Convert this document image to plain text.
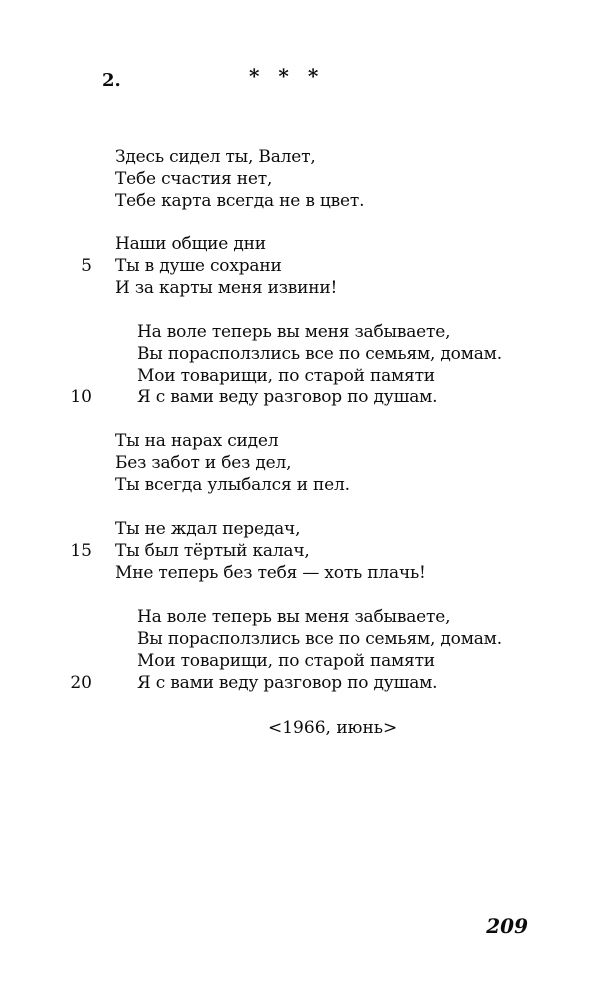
2.	* * *
Здесь сидел ты, Валет,
Тебе счастия нет,
Тебе карта всегда не в цвет.
Наши общие дни
Ты в душе сохрани
И за карты меня извини!
На воле теперь вы меня забываете,
Вы порасползлись все по семьям, домам.
Мои товарищи, по старой памяти
Я с вами веду разговор по душам.
Ты на нарах сидел
Без забот и без дел,
Ты всегда улыбался и пел.
Ты не ждал передач,
Ты был тёртый калач,
Мне теперь без тебя — хоть плачь!
На воле теперь вы меня забываете,
Вы порасползлись все по семьям, домам.
Мои товарищи, по старой памяти
Я с вами веду разговор по душам.
5
10
15
20
<1966, июнь>
209
